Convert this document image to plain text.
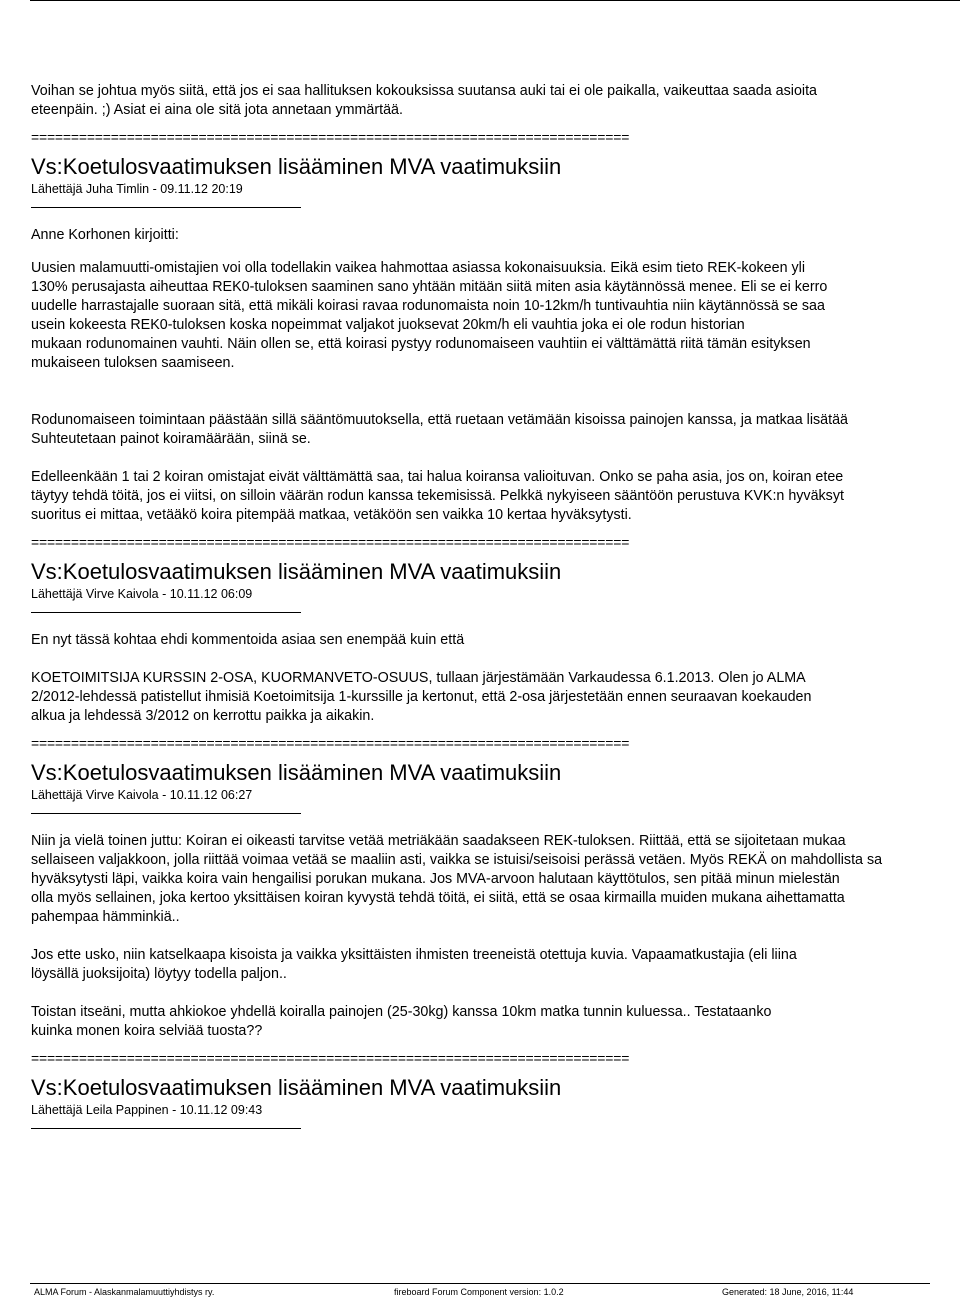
Voihan se johtua myös siitä, että jos ei saa hallituksen kokouksissa suutansa auki tai ei ole paikalla, vaikeuttaa saada asioita
eteenpäin. ;) Asiat ei aina ole sitä jota annetaan ymmärtää.
===========================================================================
Vs:Koetulosvaatimuksen lisääminen MVA vaatimuksiin
Lähettäjä Juha Timlin - 09.11.12 20:19
Anne Korhonen kirjoitti:
Uusien malamuutti-omistajien voi olla todellakin vaikea hahmottaa asiassa kokonaisuuksia. Eikä esim tieto REK-kokeen yli
130% perusajasta aiheuttaa REK0-tuloksen saaminen sano yhtään mitään siitä miten asia käytännössä menee. Eli se ei kerro
uudelle harrastajalle suoraan sitä, että mikäli koirasi ravaa rodunomaista noin 10-12km/h tuntivauhtia niin käytännössä se saa
usein kokeesta REK0-tuloksen koska nopeimmat valjakot juoksevat 20km/h eli vauhtia joka ei ole rodun historian
mukaan rodunomainen vauhti. Näin ollen se, että koirasi pystyy rodunomaiseen vauhtiin ei välttämättä riitä tämän esityksen
mukaiseen tuloksen saamiseen.
Rodunomaiseen toimintaan päästään sillä sääntömuutoksella, että ruetaan vetämään kisoissa painojen kanssa, ja matkaa lisätää
Suhteutetaan painot koiramäärään, siinä se.
Edelleenkään 1 tai 2 koiran omistajat eivät välttämättä saa, tai halua koiransa valioituvan. Onko se paha asia, jos on, koiran etee
täytyy tehdä töitä, jos ei viitsi, on silloin väärän rodun kanssa tekemisissä. Pelkkä nykyiseen sääntöön perustuva KVK:n hyväksyt
suoritus ei mittaa, vetääkö koira pitempää matkaa, vetäköön sen vaikka 10 kertaa hyväksytysti.
===========================================================================
Vs:Koetulosvaatimuksen lisääminen MVA vaatimuksiin
Lähettäjä Virve Kaivola - 10.11.12 06:09
En nyt tässä kohtaa ehdi kommentoida asiaa sen enempää kuin että
KOETOIMITSIJA KURSSIN 2-OSA, KUORMANVETO-OSUUS, tullaan järjestämään Varkaudessa 6.1.2013. Olen jo ALMA
2/2012-lehdessä patistellut ihmisiä Koetoimitsija 1-kurssille ja kertonut, että 2-osa järjestetään ennen seuraavan koekauden
alkua ja lehdessä 3/2012 on kerrottu paikka ja aikakin.
===========================================================================
Vs:Koetulosvaatimuksen lisääminen MVA vaatimuksiin
Lähettäjä Virve Kaivola - 10.11.12 06:27
Niin ja vielä toinen juttu: Koiran ei oikeasti tarvitse vetää metriäkään saadakseen REK-tuloksen. Riittää, että se sijoitetaan mukaa
sellaiseen valjakkoon, jolla riittää voimaa vetää se maaliin asti, vaikka se istuisi/seisoisi perässä vetäen. Myös REKÄ on mahdollista sa
hyväksytysti läpi, vaikka koira vain hengailisi porukan mukana. Jos MVA-arvoon halutaan käyttötulos, sen pitää minun mielestän
olla myös sellainen, joka kertoo yksittäisen koiran kyvystä tehdä töitä, ei siitä, että se osaa kirmailla muiden mukana aihettamatta
pahempaa hämminkiä..
Jos ette usko, niin katselkaapa kisoista ja vaikka yksittäisten ihmisten treeneistä otettuja kuvia. Vapaamatkustajia (eli liina
löysällä juoksijoita) löytyy todella paljon..
Toistan itseäni, mutta ahkiokoe yhdellä koiralla painojen (25-30kg) kanssa 10km matka tunnin kuluessa.. Testataanko
kuinka monen koira selviää tuosta??
===========================================================================
Vs:Koetulosvaatimuksen lisääminen MVA vaatimuksiin
Lähettäjä Leila Pappinen - 10.11.12 09:43
ALMA Forum - Alaskanmalamuuttiyhdistys ry.	fireboard Forum Component version: 1.0.2	Generated: 18 June, 2016, 11:44
